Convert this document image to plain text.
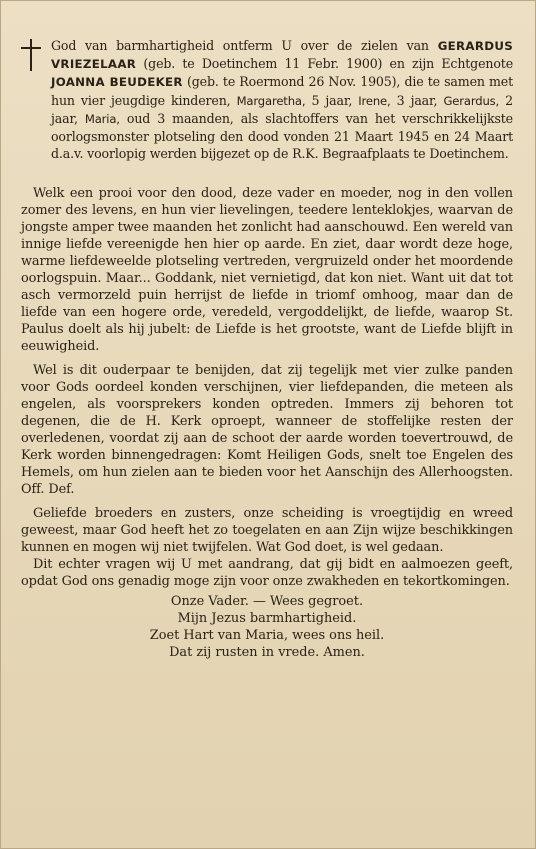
God van barmhartigheid ontferm U over de zielen van GERARDUS VRIEZELAAR (geb. te Doetinchem 11 Febr. 1900) en zijn Echtgenote JOANNA BEUDEKER (geb. te Roermond 26 Nov. 1905), die te samen met hun vier jeugdige kinderen, Margaretha, 5 jaar, Irene, 3 jaar, Gerardus, 2 jaar, Maria, oud 3 maanden, als slachtoffers van het verschrikkelijkste oorlogsmonster plotseling den dood vonden 21 Maart 1945 en 24 Maart d.a.v. voorlopig werden bijgezet op de R.K. Begraafplaats te Doetinchem.

Welk een prooi voor den dood, deze vader en moeder, nog in den vollen zomer des levens, en hun vier lievelingen, teedere lenteklokjes, waarvan de jongste amper twee maanden het zonlicht had aanschouwd. Een wereld van innige liefde vereenigde hen hier op aarde. En ziet, daar wordt deze hoge, warme liefdeweelde plotseling vertreden, vergruizeld onder het moordende oorlogspuin. Maar... Goddank, niet vernietigd, dat kon niet. Want uit dat tot asch vermorzeld puin herrijst de liefde in triomf omhoog, maar dan de liefde van een hogere orde, veredeld, vergoddelijkt, de liefde, waarop St. Paulus doelt als hij jubelt: de Liefde is het grootste, want de Liefde blijft in eeuwigheid.

Wel is dit ouderpaar te benijden, dat zij tegelijk met vier zulke panden voor Gods oordeel konden verschijnen, vier liefdepanden, die meteen als engelen, als voorsprekers konden optreden. Immers zij behoren tot degenen, die de H. Kerk oproept, wanneer de stoffelijke resten der overledenen, voordat zij aan de schoot der aarde worden toevertrouwd, de Kerk worden binnengedragen: Komt Heiligen Gods, snelt toe Engelen des Hemels, om hun zielen aan te bieden voor het Aanschijn des Allerhoogsten. Off. Def.

Geliefde broeders en zusters, onze scheiding is vroegtijdig en wreed geweest, maar God heeft het zo toegelaten en aan Zijn wijze beschikkingen kunnen en mogen wij niet twijfelen. Wat God doet, is wel gedaan.

Dit echter vragen wij U met aandrang, dat gij bidt en aalmoezen geeft, opdat God ons genadig moge zijn voor onze zwakheden en tekortkomingen.

Onze Vader. — Wees gegroet.
Mijn Jezus barmhartigheid.
Zoet Hart van Maria, wees ons heil.
Dat zij rusten in vrede. Amen.
